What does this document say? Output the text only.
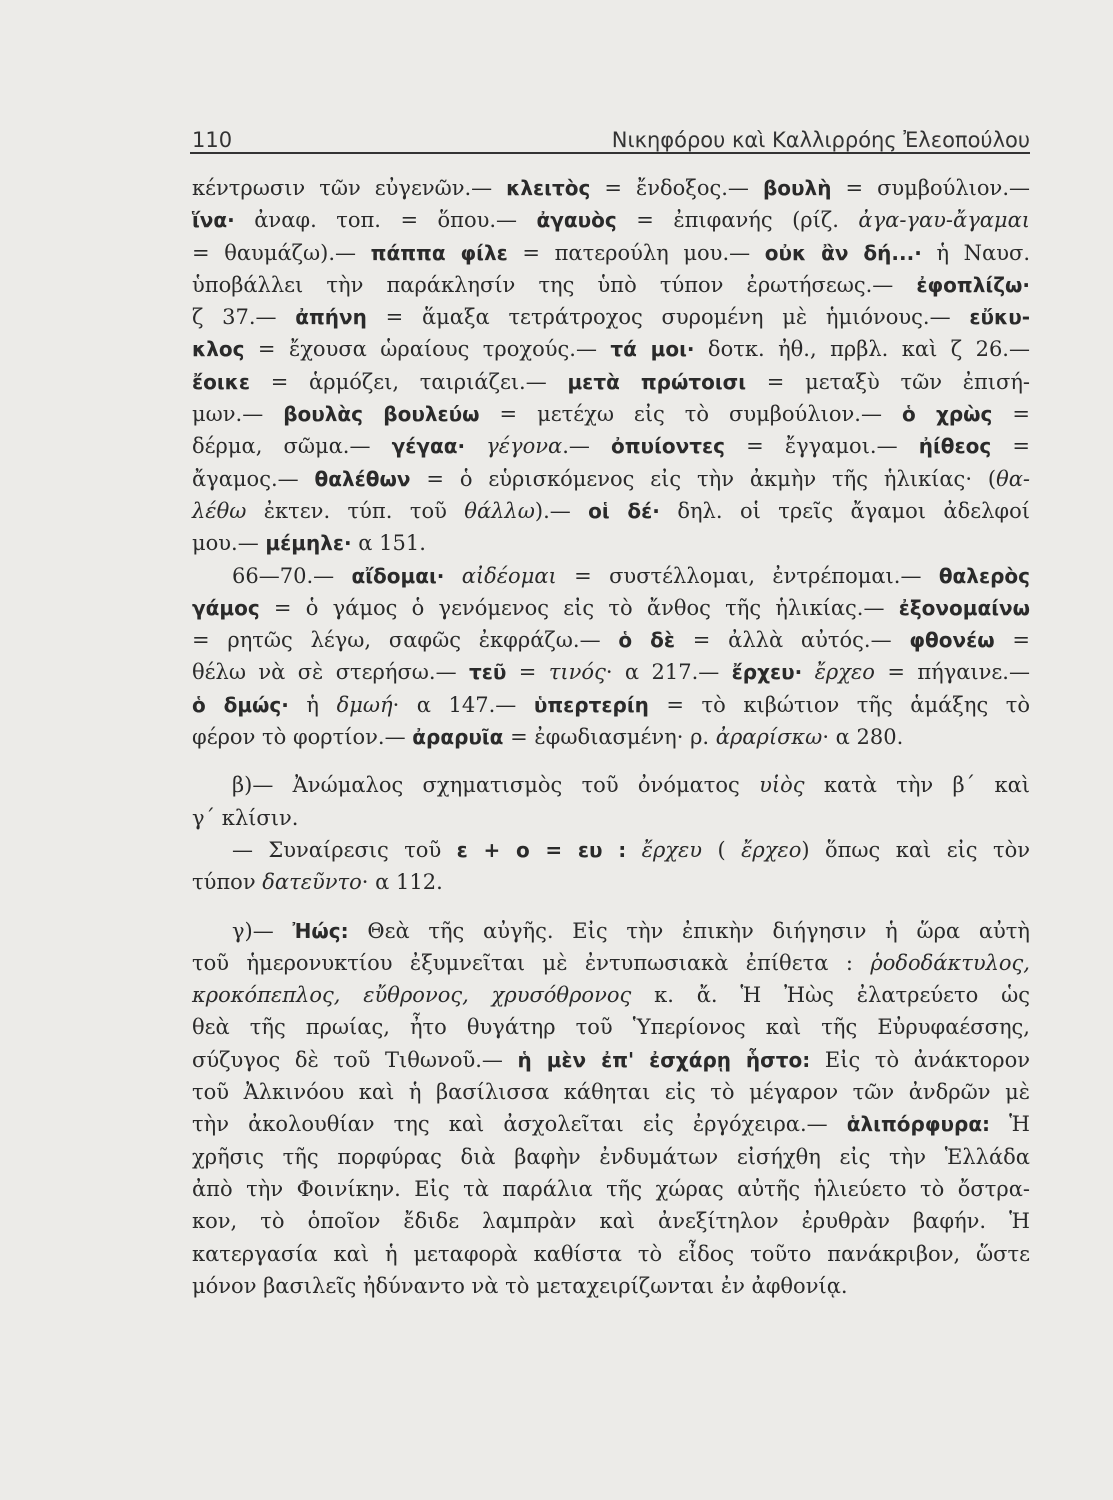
110	Νικηφόρου καὶ Καλλιρρόης Ἐλεοπούλου
κέντρωσιν τῶν εὐγενῶν.— κλειτὸς = ἔνδοξος.— βουλὴ = συμβούλιον.—
ἵνα· ἀναφ. τοπ. = ὅπου.— ἀγαυὸς = ἐπιφανής (ρίζ. ἀγα-γαυ-ἄγαμαι
= θαυμάζω).— πάππα φίλε = πατερούλη μου.— οὐκ ἂν δή...· ἡ Ναυσ.
ὑποβάλλει τὴν παράκλησίν της ὑπὸ τύπον ἐρωτήσεως.— ἐφοπλίζω·
ζ 37.— ἀπήνη = ἅμαξα τετράτροχος συρομένη μὲ ἡμιόνους.— εὔκυ-
κλος = ἔχουσα ὡραίους τροχούς.— τά μοι· δοτκ. ἠθ., πρβλ. καὶ ζ 26.—
ἔοικε = ἁρμόζει, ταιριάζει.— μετὰ πρώτοισι = μεταξὺ τῶν ἐπισή-
μων.— βουλὰς βουλεύω = μετέχω εἰς τὸ συμβούλιον.— ὁ χρὼς =
δέρμα, σῶμα.— γέγαα· γέγονα.— ὀπυίοντες = ἔγγαμοι.— ἠίθεος =
ἄγαμος.— θαλέθων = ὁ εὑρισκόμενος εἰς τὴν ἀκμὴν τῆς ἡλικίας· (θα-
λέθω ἐκτεν. τύπ. τοῦ θάλλω).— οἱ δέ· δηλ. οἱ τρεῖς ἄγαμοι ἀδελφοί
μου.— μέμηλε· α 151.
66—70.— αἴδομαι· αἰδέομαι = συστέλλομαι, ἐντρέπομαι.— θαλερὸς
γάμος = ὁ γάμος ὁ γενόμενος εἰς τὸ ἄνθος τῆς ἡλικίας.— ἐξονομαίνω
= ρητῶς λέγω, σαφῶς ἐκφράζω.— ὁ δὲ = ἀλλὰ αὐτός.— φθονέω =
θέλω νὰ σὲ στερήσω.— τεῦ = τινός· α 217.— ἔρχευ· ἔρχεο = πήγαινε.—
ὁ δμώς· ἡ δμωή· α 147.— ὑπερτερίη = τὸ κιβώτιον τῆς ἁμάξης τὸ
φέρον τὸ φορτίον.— ἀραρυῖα = ἐφωδιασμένη· ρ. ἀραρίσκω· α 280.
β)— Ἀνώμαλος σχηματισμὸς τοῦ ὀνόματος υἱὸς κατὰ τὴν β΄ καὶ
γ΄ κλίσιν.
— Συναίρεσις τοῦ ε + ο = ευ : ἔρχευ ( ἔρχεο) ὅπως καὶ εἰς τὸν
τύπον δατεῦντο· α 112.
γ)— Ἠώς: Θεὰ τῆς αὐγῆς. Εἰς τὴν ἐπικὴν διήγησιν ἡ ὥρα αὐτὴ
τοῦ ἡμερονυκτίου ἐξυμνεῖται μὲ ἐντυπωσιακὰ ἐπίθετα : ῥοδοδάκτυλος,
κροκόπεπλος, εὔθρονος, χρυσόθρονος κ. ἄ. Ἡ Ἠὼς ἐλατρεύετο ὡς
θεὰ τῆς πρωίας, ἦτο θυγάτηρ τοῦ Ὑπερίονος καὶ τῆς Εὐρυφαέσσης,
σύζυγος δὲ τοῦ Τιθωνοῦ.— ἡ μὲν ἐπ' ἐσχάρῃ ἧστο: Εἰς τὸ ἀνάκτορον
τοῦ Ἀλκινόου καὶ ἡ βασίλισσα κάθηται εἰς τὸ μέγαρον τῶν ἀνδρῶν μὲ
τὴν ἀκολουθίαν της καὶ ἀσχολεῖται εἰς ἐργόχειρα.— ἁλιπόρφυρα: Ἡ
χρῆσις τῆς πορφύρας διὰ βαφὴν ἐνδυμάτων εἰσήχθη εἰς τὴν Ἑλλάδα
ἀπὸ τὴν Φοινίκην. Εἰς τὰ παράλια τῆς χώρας αὐτῆς ἡλιεύετο τὸ ὄστρα-
κον, τὸ ὁποῖον ἔδιδε λαμπρὰν καὶ ἀνεξίτηλον ἐρυθρὰν βαφήν. Ἡ
κατεργασία καὶ ἡ μεταφορὰ καθίστα τὸ εἶδος τοῦτο πανάκριβον, ὥστε
μόνον βασιλεῖς ἠδύναντο νὰ τὸ μεταχειρίζωνται ἐν ἀφθονίᾳ.
